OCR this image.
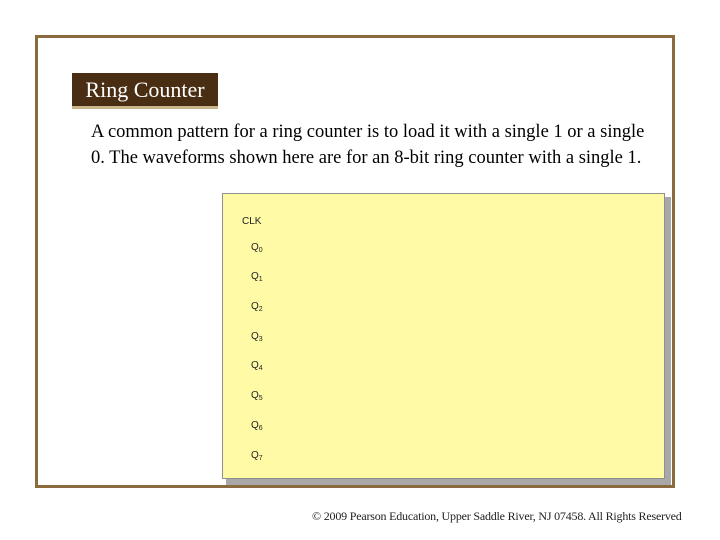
Ring Counter
A common pattern for a ring counter is to load it with a single 1 or a single 0. The waveforms shown here are for an 8-bit ring counter with a single 1.
CLK
$Q_0$
$Q_1$
$Q_2$
$Q_3$
$Q_4$
$Q_5$
$Q_6$
$Q_7$
© 2009 Pearson Education, Upper Saddle River, NJ 07458. All Rights Reserved
